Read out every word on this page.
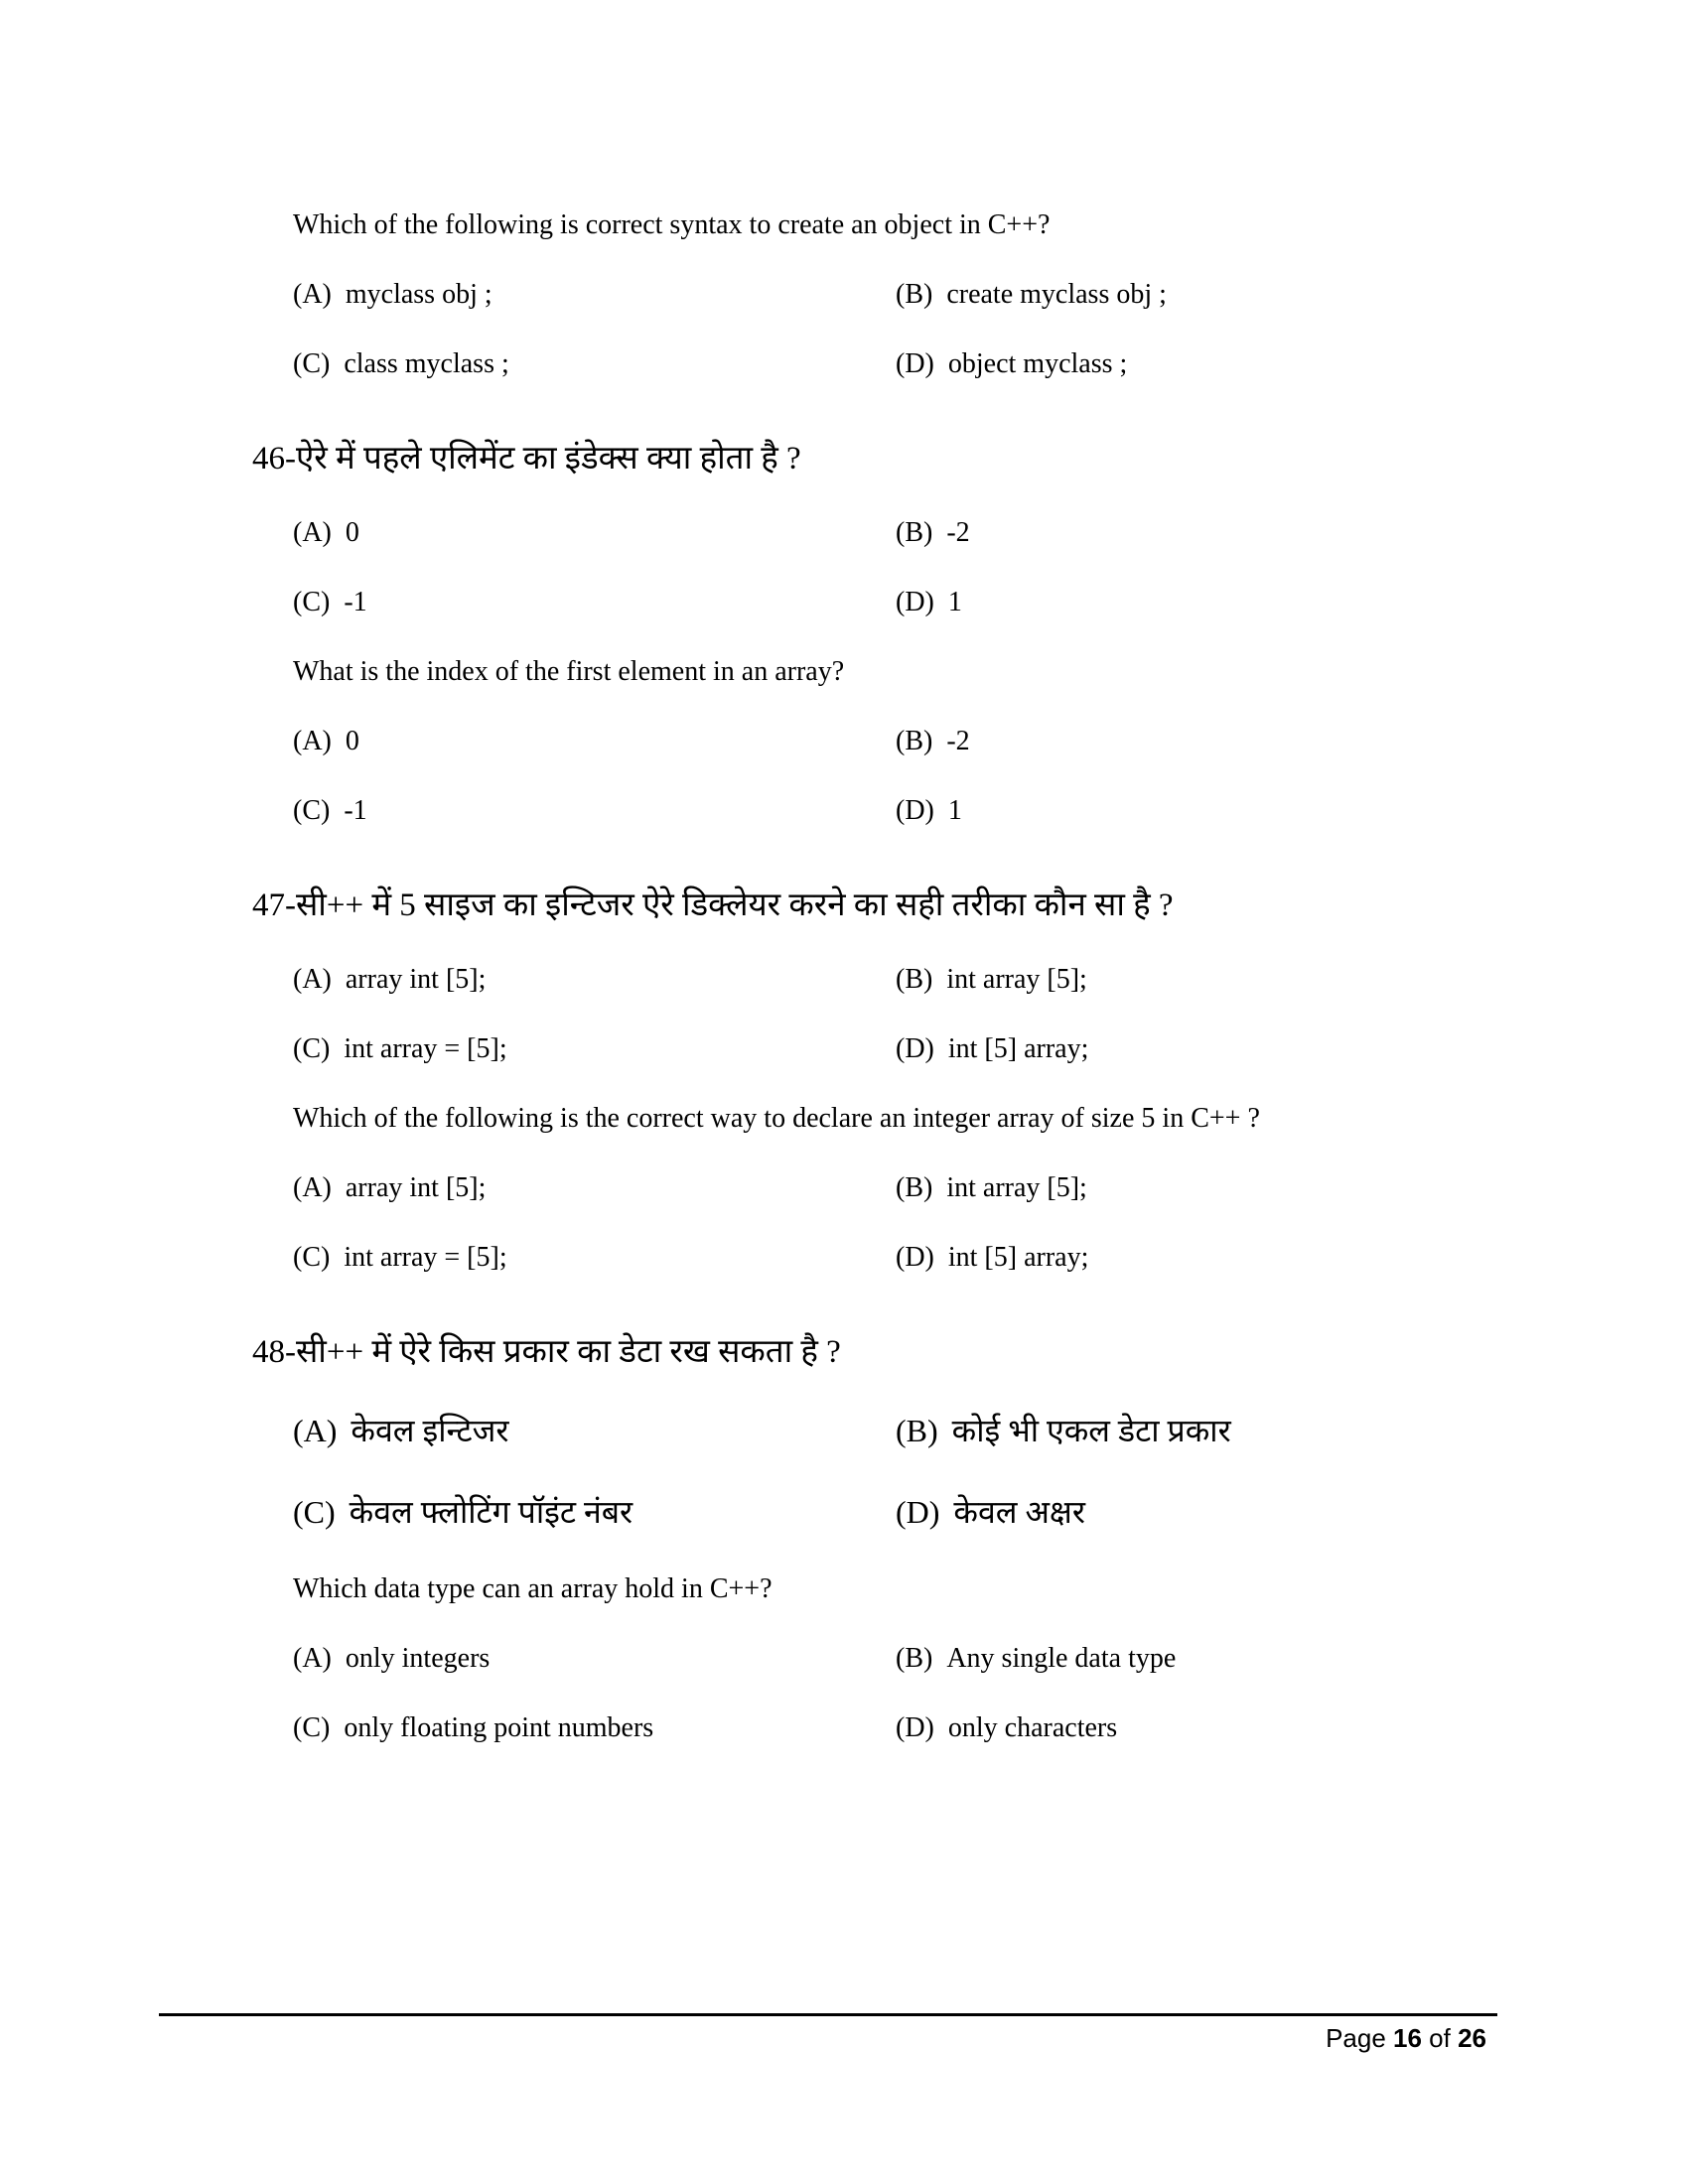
Which of the following is correct syntax to create an object in C++?

(A) myclass obj ;	(B) create myclass obj ;
(C) class myclass ;	(D) object myclass ;

46-ऐरे में पहले एलिमेंट का इंडेक्स क्या होता है ?

(A) 0	(B) -2
(C) -1	(D) 1

What is the index of the first element in an array?

(A) 0	(B) -2
(C) -1	(D) 1

47-सी++ में 5 साइज का इन्टिजर ऐरे डिक्लेयर करने का सही तरीका कौन सा है ?

(A) array int [5];	(B) int array [5];
(C) int array = [5];	(D) int [5] array;

Which of the following is the correct way to declare an integer array of size 5 in C++ ?

(A) array int [5];	(B) int array [5];
(C) int array = [5];	(D) int [5] array;

48-सी++ में ऐरे किस प्रकार का डेटा रख सकता है ?

(A) केवल इन्टिजर	(B) कोई भी एकल डेटा प्रकार
(C) केवल फ्लोटिंग पॉइंट नंबर	(D) केवल अक्षर

Which data type can an array hold in C++?

(A) only integers	(B) Any single data type
(C) only floating point numbers	(D) only characters
Page 16 of 26
